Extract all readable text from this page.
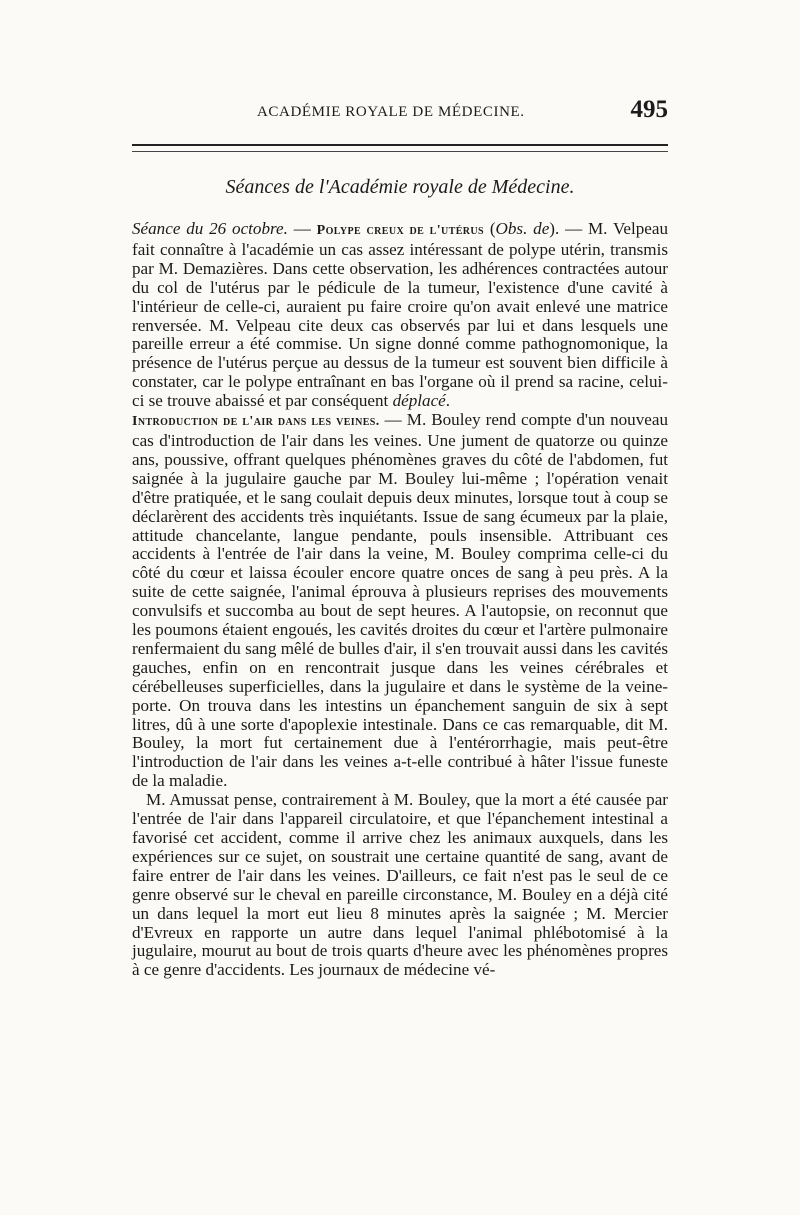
ACADÉMIE ROYALE DE MÉDECINE.	495
Séances de l'Académie royale de Médecine.

Séance du 26 octobre. — Polype creux de l'utérus (Obs. de). — M. Velpeau fait connaître à l'académie un cas assez intéressant de polype utérin, transmis par M. Demazières. Dans cette observation, les adhérences contractées autour du col de l'utérus par le pédicule de la tumeur, l'existence d'une cavité à l'intérieur de celle-ci, auraient pu faire croire qu'on avait enlevé une matrice renversée. M. Velpeau cite deux cas observés par lui et dans lesquels une pareille erreur a été commise. Un signe donné comme pathognomonique, la présence de l'utérus perçue au dessus de la tumeur est souvent bien difficile à constater, car le polype entraînant en bas l'organe où il prend sa racine, celui-ci se trouve abaissé et par conséquent déplacé.

Introduction de l'air dans les veines. — M. Bouley rend compte d'un nouveau cas d'introduction de l'air dans les veines. Une jument de quatorze ou quinze ans, poussive, offrant quelques phénomènes graves du côté de l'abdomen, fut saignée à la jugulaire gauche par M. Bouley lui-même ; l'opération venait d'être pratiquée, et le sang coulait depuis deux minutes, lorsque tout à coup se déclarèrent des accidents très inquiétants. Issue de sang écumeux par la plaie, attitude chancelante, langue pendante, pouls insensible. Attribuant ces accidents à l'entrée de l'air dans la veine, M. Bouley comprima celle-ci du côté du cœur et laissa écouler encore quatre onces de sang à peu près. A la suite de cette saignée, l'animal éprouva à plusieurs reprises des mouvements convulsifs et succomba au bout de sept heures. A l'autopsie, on reconnut que les poumons étaient engoués, les cavités droites du cœur et l'artère pulmonaire renfermaient du sang mêlé de bulles d'air, il s'en trouvait aussi dans les cavités gauches, enfin on en rencontrait jusque dans les veines cérébrales et cérébelleuses superficielles, dans la jugulaire et dans le système de la veine-porte. On trouva dans les intestins un épanchement sanguin de six à sept litres, dû à une sorte d'apoplexie intestinale. Dans ce cas remarquable, dit M. Bouley, la mort fut certainement due à l'entérorrhagie, mais peut-être l'introduction de l'air dans les veines a-t-elle contribué à hâter l'issue funeste de la maladie.

M. Amussat pense, contrairement à M. Bouley, que la mort a été causée par l'entrée de l'air dans l'appareil circulatoire, et que l'épanchement intestinal a favorisé cet accident, comme il arrive chez les animaux auxquels, dans les expériences sur ce sujet, on soustrait une certaine quantité de sang, avant de faire entrer de l'air dans les veines. D'ailleurs, ce fait n'est pas le seul de ce genre observé sur le cheval en pareille circonstance, M. Bouley en a déjà cité un dans lequel la mort eut lieu 8 minutes après la saignée ; M. Mercier d'Evreux en rapporte un autre dans lequel l'animal phlébotomisé à la jugulaire, mourut au bout de trois quarts d'heure avec les phénomènes propres à ce genre d'accidents. Les journaux de médecine vé-
